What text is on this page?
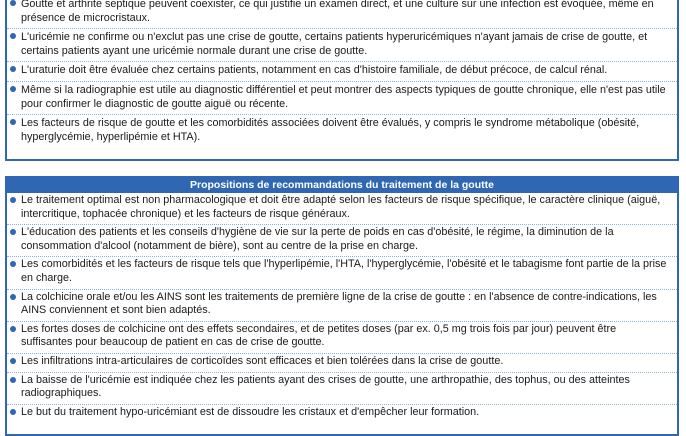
Goutte et arthrite septique peuvent coexister, ce qui justifie un examen direct, et une culture sur une infection est évoquée, même en présence de microcristaux.
L'uricémie ne confirme ou n'exclut pas une crise de goutte, certains patients hyperuricémiques n'ayant jamais de crise de goutte, et certains patients ayant une uricémie normale durant une crise de goutte.
L'uraturie doit être évaluée chez certains patients, notamment en cas d'histoire familiale, de début précoce, de calcul rénal.
Même si la radiographie est utile au diagnostic différentiel et peut montrer des aspects typiques de goutte chronique, elle n'est pas utile pour confirmer le diagnostic de goutte aiguë ou récente.
Les facteurs de risque de goutte et les comorbidités associées doivent être évalués, y compris le syndrome métabolique (obésité, hyperglycémie, hyperlipémie et HTA).
Propositions de recommandations du traitement de la goutte
Le traitement optimal est non pharmacologique et doit être adapté selon les facteurs de risque spécifique, le caractère clinique (aiguë, intercritique, tophacée chronique) et les facteurs de risque généraux.
L'éducation des patients et les conseils d'hygiène de vie sur la perte de poids en cas d'obésité, le régime, la diminution de la consommation d'alcool (notamment de bière), sont au centre de la prise en charge.
Les comorbidités et les facteurs de risque tels que l'hyperlipémie, l'HTA, l'hyperglycémie, l'obésité et le tabagisme font partie de la prise en charge.
La colchicine orale et/ou les AINS sont les traitements de première ligne de la crise de goutte : en l'absence de contre-indications, les AINS conviennent et sont bien adaptés.
Les fortes doses de colchicine ont des effets secondaires, et de petites doses (par ex. 0,5 mg trois fois par jour) peuvent être suffisantes pour beaucoup de patient en cas de crise de goutte.
Les infiltrations intra-articulaires de corticoïdes sont efficaces et bien tolérées dans la crise de goutte.
La baisse de l'uricémie est indiquée chez les patients ayant des crises de goutte, une arthropathie, des tophus, ou des atteintes radiographiques.
Le but du traitement hypo-uricémiant est de dissoudre les cristaux et d'empêcher leur formation.
